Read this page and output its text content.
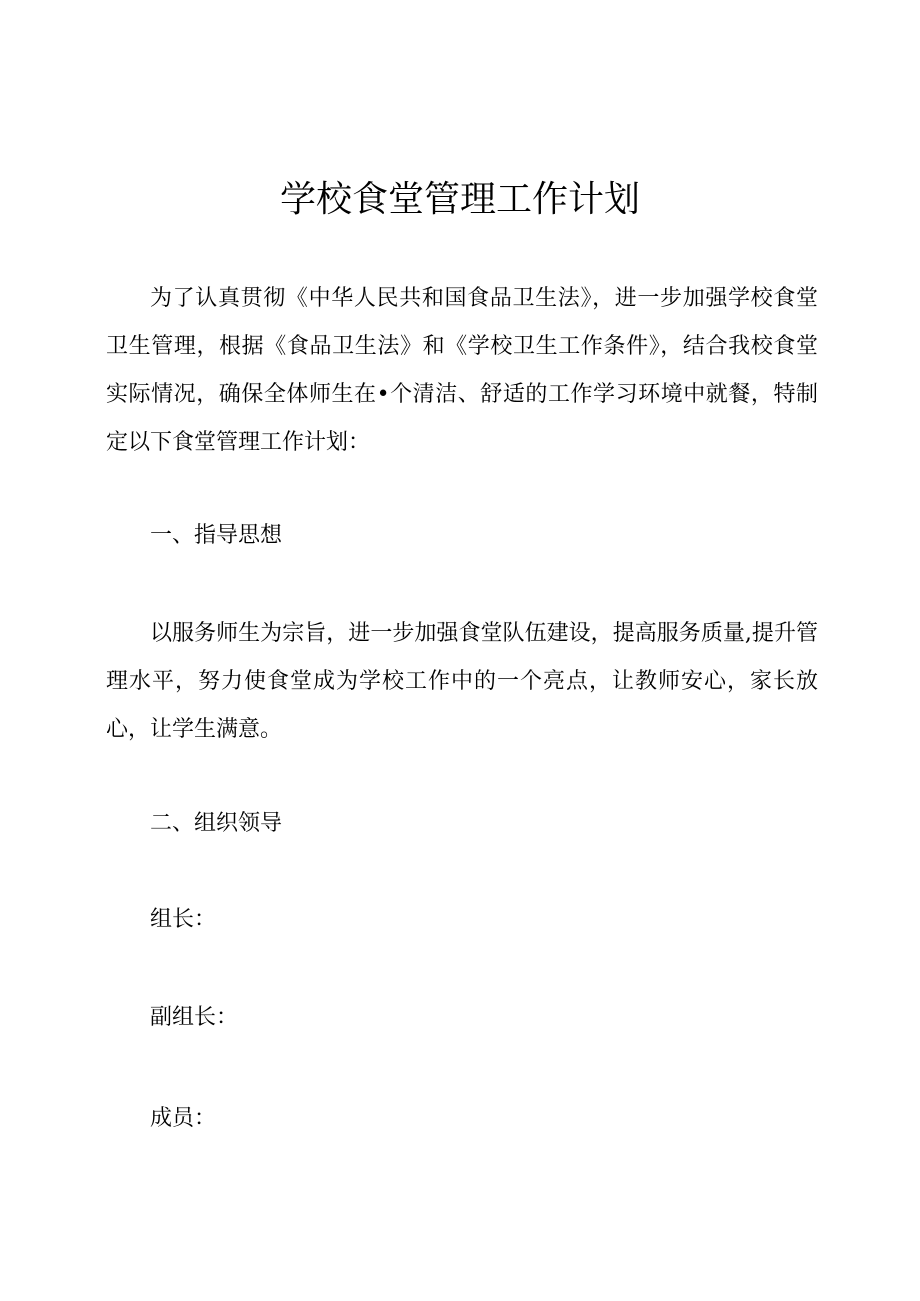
学校食堂管理工作计划

为了认真贯彻《中华人民共和国食品卫生法》，进一步加强学校食堂卫生管理，根据《食品卫生法》和《学校卫生工作条件》，结合我校食堂实际情况，确保全体师生在•个清洁、舒适的工作学习环境中就餐，特制定以下食堂管理工作计划：

一、指导思想

以服务师生为宗旨，进一步加强食堂队伍建设，提高服务质量,提升管理水平，努力使食堂成为学校工作中的一个亮点，让教师安心，家长放心，让学生满意。

二、组织领导

组长：

副组长：

成员：
